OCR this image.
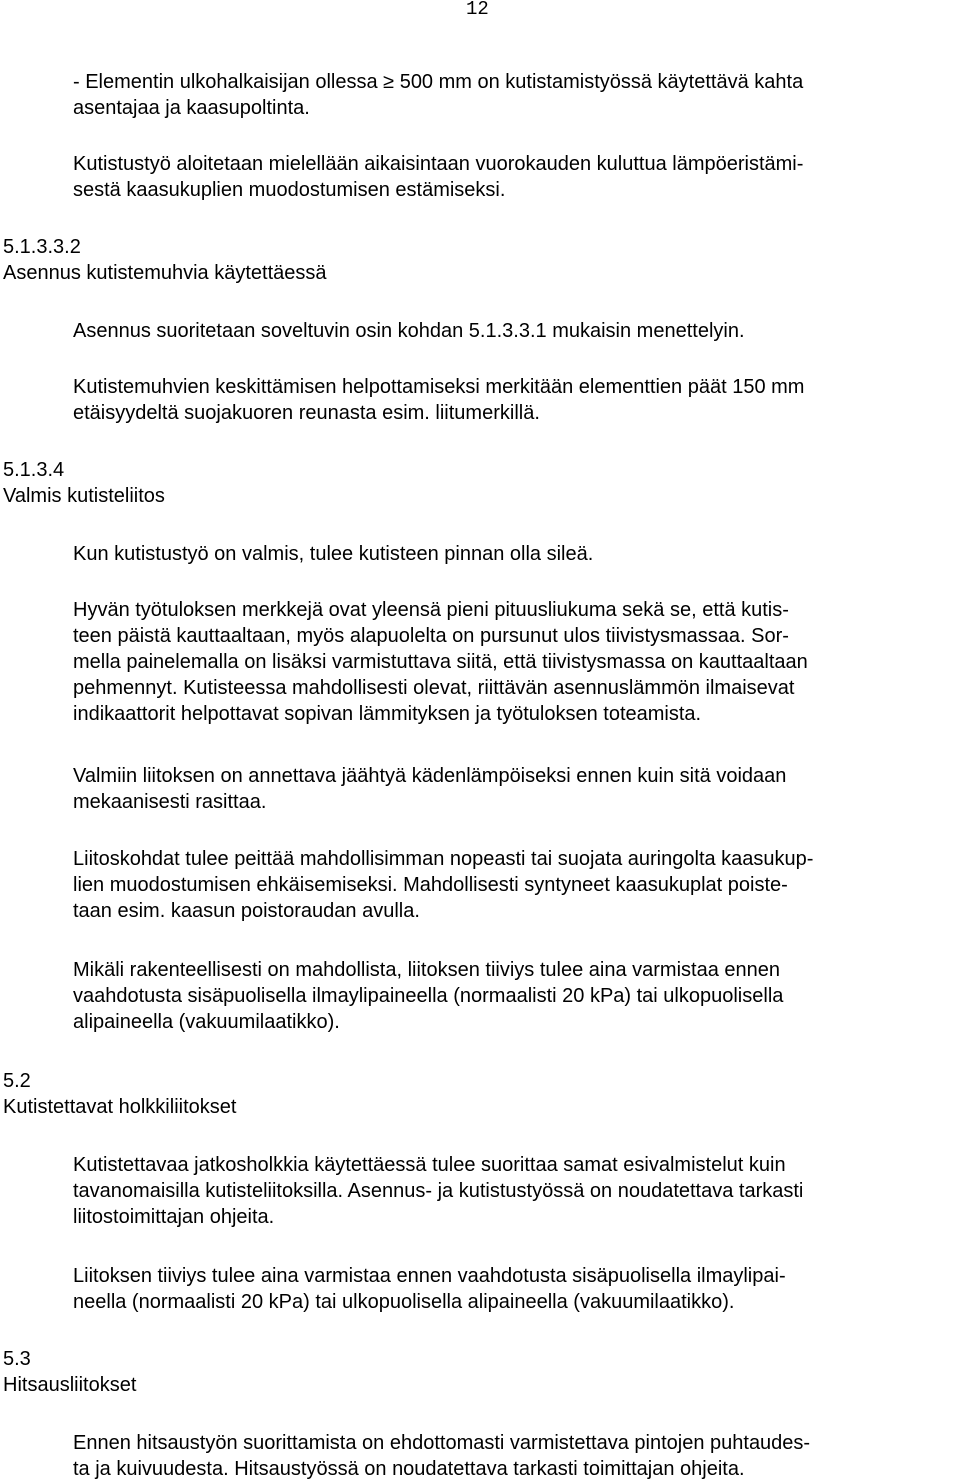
12
- Elementin ulkohalkaisijan ollessa ≥ 500 mm on kutistamistyössä käytettävä kahta
asentajaa ja kaasupoltinta.
Kutistustyö aloitetaan mielellään aikaisintaan vuorokauden kuluttua lämpöeristämi-
sestä kaasukuplien muodostumisen estämiseksi.
5.1.3.3.2
Asennus kutistemuhvia käytettäessä
Asennus suoritetaan soveltuvin osin kohdan 5.1.3.3.1 mukaisin menettelyin.
Kutistemuhvien keskittämisen helpottamiseksi merkitään elementtien päät 150 mm
etäisyydeltä suojakuoren reunasta esim. liitumerkillä.
5.1.3.4
Valmis kutisteliitos
Kun kutistustyö on valmis, tulee kutisteen pinnan olla sileä.
Hyvän työtuloksen merkkejä ovat yleensä pieni pituusliukuma sekä se, että kutis-
teen päistä kauttaaltaan, myös alapuolelta on pursunut ulos tiivistysmassaa. Sor-
mella painelemalla on lisäksi varmistuttava siitä, että tiivistysmassa on kauttaaltaan
pehmennyt. Kutisteessa mahdollisesti olevat, riittävän asennuslämmön ilmaisevat
indikaattorit helpottavat sopivan lämmityksen ja työtuloksen toteamista.
Valmiin liitoksen on annettava jäähtyä kädenlämpöiseksi ennen kuin sitä voidaan
mekaanisesti rasittaa.
Liitoskohdat tulee peittää mahdollisimman nopeasti tai suojata auringolta kaasukup-
lien muodostumisen ehkäisemiseksi. Mahdollisesti syntyneet kaasukuplat poiste-
taan esim. kaasun poistoraudan avulla.
Mikäli rakenteellisesti on mahdollista, liitoksen tiiviys tulee aina varmistaa ennen
vaahdotusta sisäpuolisella ilmaylipaineella (normaalisti 20 kPa) tai ulkopuolisella
alipaineella (vakuumilaatikko).
5.2
Kutistettavat holkkiliitokset
Kutistettavaa jatkosholkkia käytettäessä tulee suorittaa samat esivalmistelut kuin
tavanomaisilla kutisteliitoksilla. Asennus- ja kutistustyössä on noudatettava tarkasti
liitostoimittajan ohjeita.
Liitoksen tiiviys tulee aina varmistaa ennen vaahdotusta sisäpuolisella ilmaylipai-
neella (normaalisti 20 kPa) tai ulkopuolisella alipaineella (vakuumilaatikko).
5.3
Hitsausliitokset
Ennen hitsaustyön suorittamista on ehdottomasti varmistettava pintojen puhtaudes-
ta ja kuivuudesta. Hitsaustyössä on noudatettava tarkasti toimittajan ohjeita.
